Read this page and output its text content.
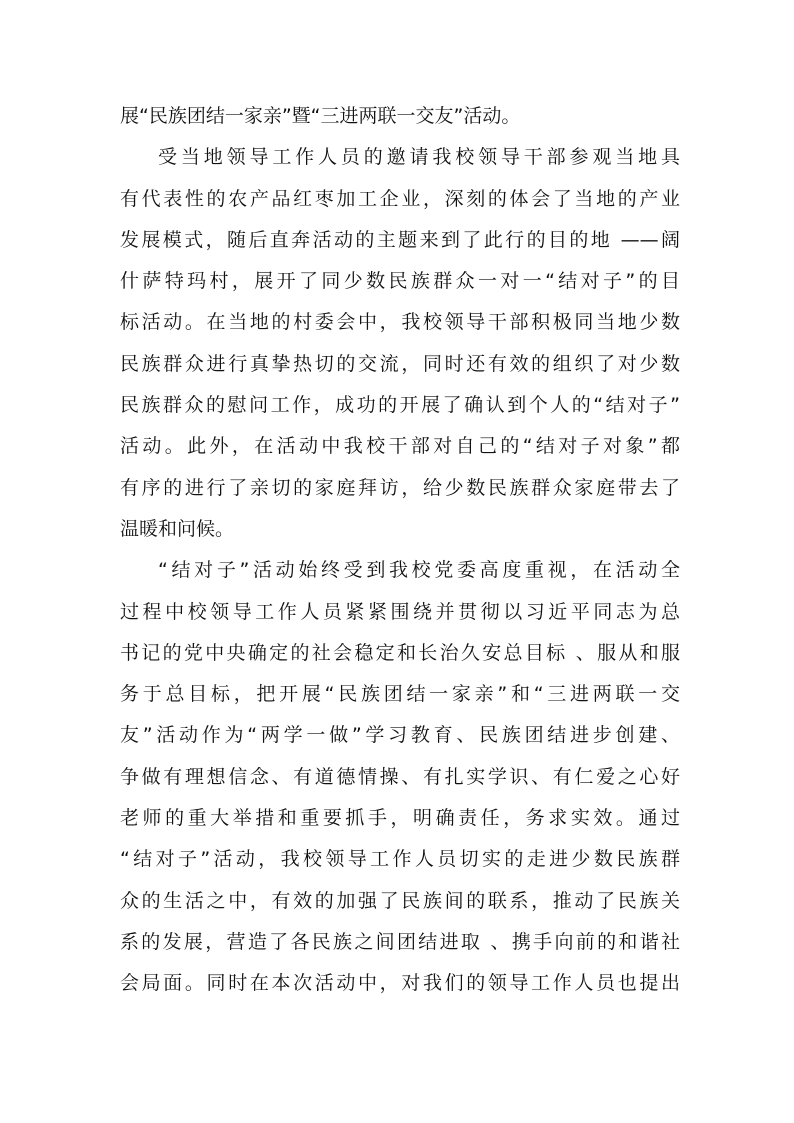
展“民族团结一家亲”暨“三进两联一交友”活动。
受当地领导工作人员的邀请我校领导干部参观当地具
有代表性的农产品红枣加工企业，深刻的体会了当地的产业
发展模式，随后直奔活动的主题来到了此行的目的地 ——阔
什萨特玛村，展开了同少数民族群众一对一“结对子”的目
标活动。在当地的村委会中，我校领导干部积极同当地少数
民族群众进行真挚热切的交流，同时还有效的组织了对少数
民族群众的慰问工作，成功的开展了确认到个人的“结对子”
活动。此外，在活动中我校干部对自己的“结对子对象”都
有序的进行了亲切的家庭拜访，给少数民族群众家庭带去了
温暖和问候。
“结对子”活动始终受到我校党委高度重视，在活动全
过程中校领导工作人员紧紧围绕并贯彻以习近平同志为总
书记的党中央确定的社会稳定和长治久安总目标 、服从和服
务于总目标，把开展“民族团结一家亲”和“三进两联一交
友”活动作为“两学一做”学习教育、民族团结进步创建、
争做有理想信念、有道德情操、有扎实学识、有仁爱之心好
老师的重大举措和重要抓手，明确责任，务求实效。通过
“结对子”活动，我校领导工作人员切实的走进少数民族群
众的生活之中，有效的加强了民族间的联系，推动了民族关
系的发展，营造了各民族之间团结进取 、携手向前的和谐社
会局面。同时在本次活动中，对我们的领导工作人员也提出
